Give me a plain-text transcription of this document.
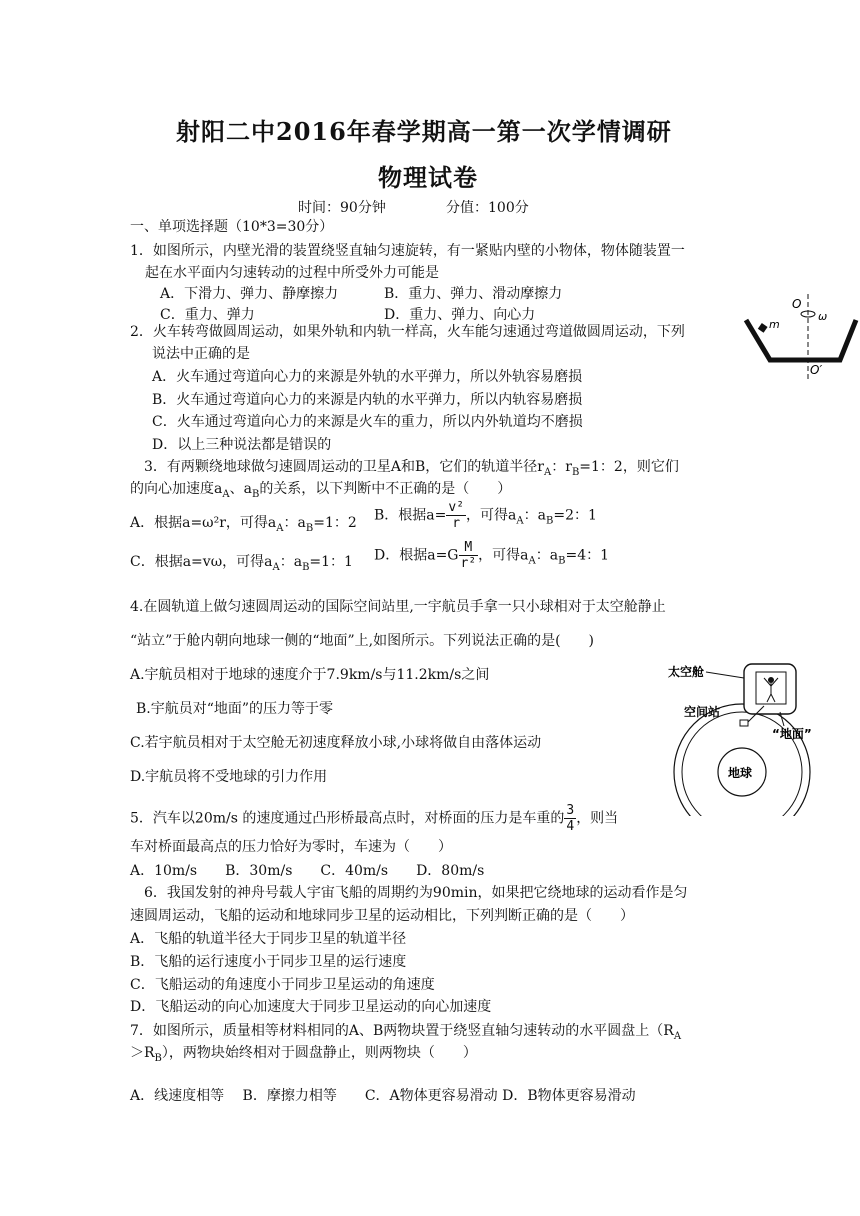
射阳二中2016年春学期高一第一次学情调研
物理试卷
时间：90分钟	分值：100分
一、单项选择题（10*3=30分）
1．如图所示，内壁光滑的装置绕竖直轴匀速旋转，有一紧贴内壁的小物体，物体随装置一
起在水平面内匀速转动的过程中所受外力可能是
A．下滑力、弹力、静摩擦力	B．重力、弹力、滑动摩擦力
C．重力、弹力	D．重力、弹力、向心力
O
ω
m
O′
2．火车转弯做圆周运动，如果外轨和内轨一样高，火车能匀速通过弯道做圆周运动，下列
说法中正确的是
A．火车通过弯道向心力的来源是外轨的水平弹力，所以外轨容易磨损
B．火车通过弯道向心力的来源是内轨的水平弹力，所以内轨容易磨损
C．火车通过弯道向心力的来源是火车的重力，所以内外轨道均不磨损
D．以上三种说法都是错误的
3．有两颗绕地球做匀速圆周运动的卫星A和B，它们的轨道半径$r_A$：$r_B=1$：2，则它们
的向心加速度$a_A$、$a_B$的关系，以下判断中不正确的是（　　）
A．根据a=ω²r，可得$a_A$：$a_B=1$：2 B．根据$a= \frac{\text{v²}}{r}$ ，可得$a_A$：$a_B=2$：1
C．根据a=vω，可得$a_A$：$a_B=1$：1 D．根据$a=G \frac{M}{\text{r²}}$ ，可得$a_A$：$a_B=4$：1
4.在圆轨道上做匀速圆周运动的国际空间站里,一宇航员手拿一只小球相对于太空舱静止
“站立”于舱内朝向地球一侧的“地面”上,如图所示。下列说法正确的是(　　)
A.宇航员相对于地球的速度介于7.9km/s与11.2km/s之间
B.宇航员对“地面”的压力等于零
C.若宇航员相对于太空舱无初速度释放小球,小球将做自由落体运动
D.宇航员将不受地球的引力作用	地球
太空舱
空间站
“地面”
5．汽车以20m/s 的速度通过凸形桥最高点时，对桥面的压力是车重的 $\frac{3}{4}$ ，则当
车对桥面最高点的压力恰好为零时，车速为（　　）
A．10m/s　　B．30m/s　　C．40m/s　　D．80m/s
6．我国发射的神舟号载人宇宙飞船的周期约为90min，如果把它绕地球的运动看作是匀
速圆周运动，飞船的运动和地球同步卫星的运动相比，下列判断正确的是（　　）
A．飞船的轨道半径大于同步卫星的轨道半径
B．飞船的运行速度小于同步卫星的运行速度
C．飞船运动的角速度小于同步卫星运动的角速度
D．飞船运动的向心加速度大于同步卫星运动的向心加速度
7．如图所示，质量相等材料相同的A、B两物块置于绕竖直轴匀速转动的水平圆盘上（$R_A$
$>R_B$），两物块始终相对于圆盘静止，则两物块（　　）
A．线速度相等　 B．摩擦力相等　　C．A物体更容易滑动 D．B物体更容易滑动
